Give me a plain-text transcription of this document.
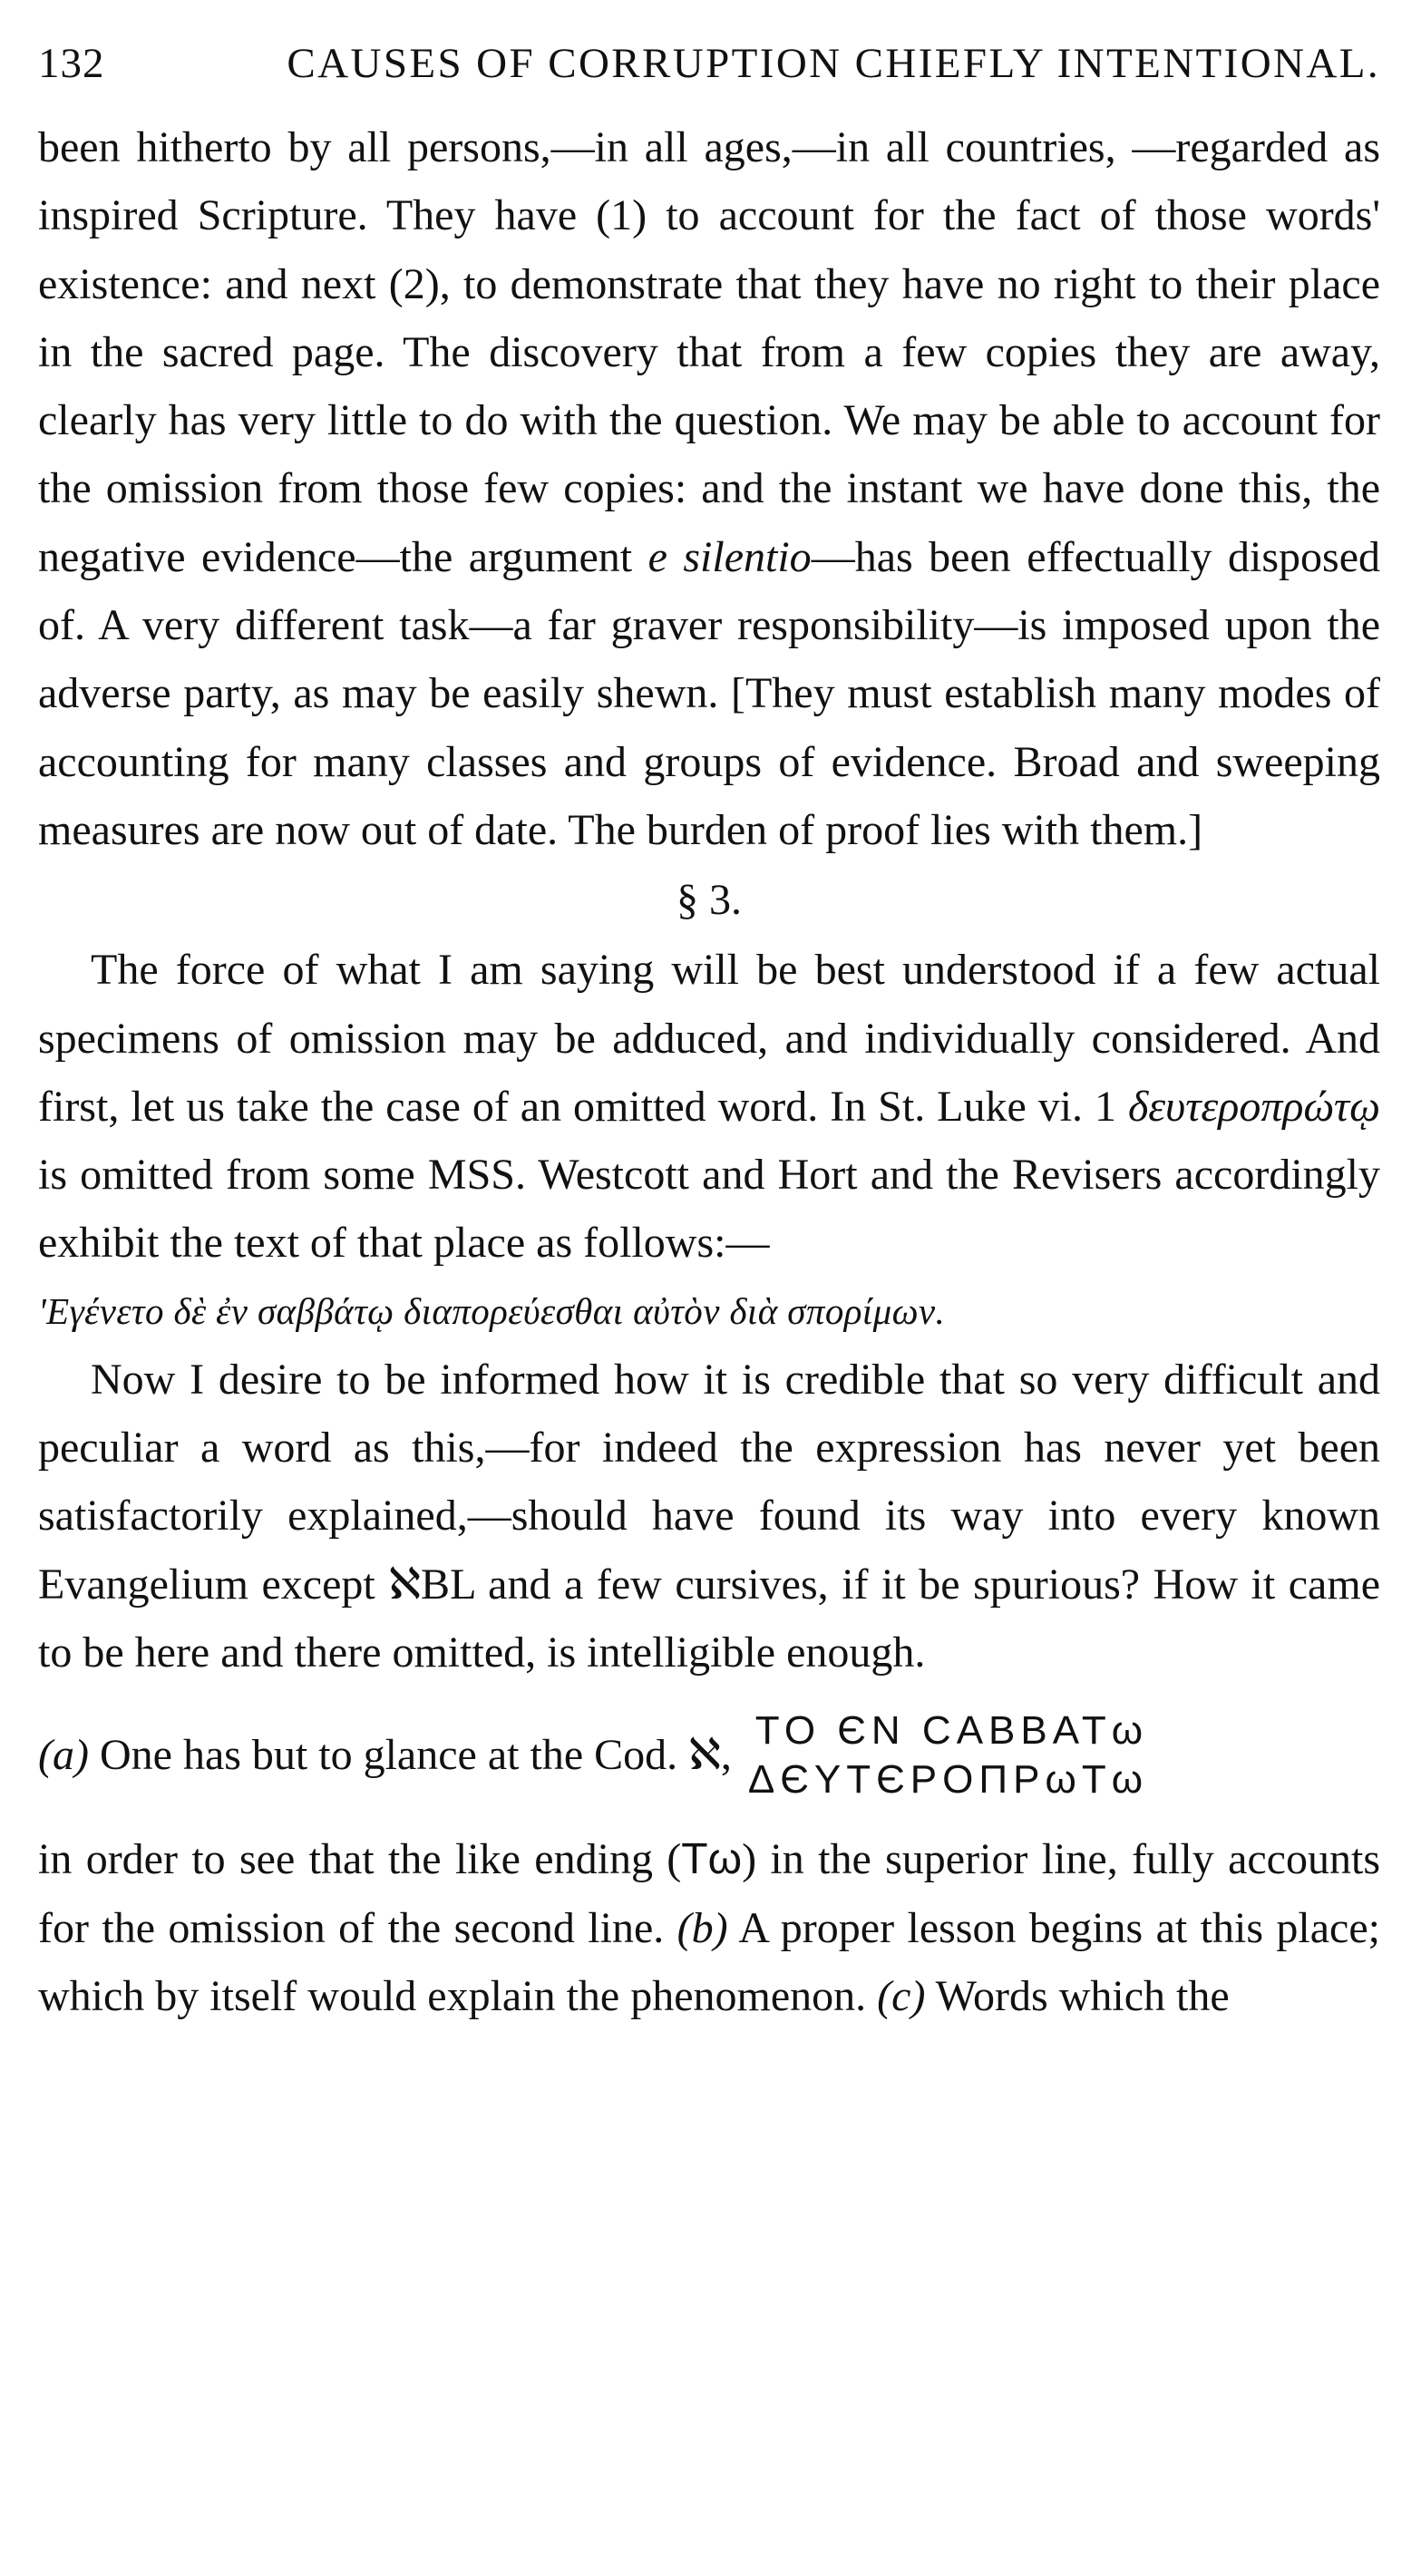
132	CAUSES OF CORRUPTION CHIEFLY INTENTIONAL.

been hitherto by all persons,—in all ages,—in all countries, —regarded as inspired Scripture. They have (1) to account for the fact of those words' existence: and next (2), to demonstrate that they have no right to their place in the sacred page. The discovery that from a few copies they are away, clearly has very little to do with the question. We may be able to account for the omission from those few copies: and the instant we have done this, the negative evidence—the argument e silentio—has been effectually disposed of. A very different task—a far graver responsibility—is imposed upon the adverse party, as may be easily shewn. [They must establish many modes of accounting for many classes and groups of evidence. Broad and sweeping measures are now out of date. The burden of proof lies with them.]

§ 3.

The force of what I am saying will be best understood if a few actual specimens of omission may be adduced, and individually considered. And first, let us take the case of an omitted word. In St. Luke vi. 1 δευτεροπρώτῳ is omitted from some MSS. Westcott and Hort and the Revisers accordingly exhibit the text of that place as follows:—

'Εγένετο δὲ ἐν σαββάτῳ διαπορεύεσθαι αὐτὸν διὰ σπορίμων.

Now I desire to be informed how it is credible that so very difficult and peculiar a word as this,—for indeed the expression has never yet been satisfactorily explained,—should have found its way into every known Evangelium except ℵBL and a few cursives, if it be spurious? How it came to be here and there omitted, is intelligible enough.

(a) One has but to glance at the Cod. ℵ,
TO ЄN CABBATω
ΔЄYTЄPOΠPωTω

in order to see that the like ending (Tω) in the superior line, fully accounts for the omission of the second line. (b) A proper lesson begins at this place; which by itself would explain the phenomenon. (c) Words which the
